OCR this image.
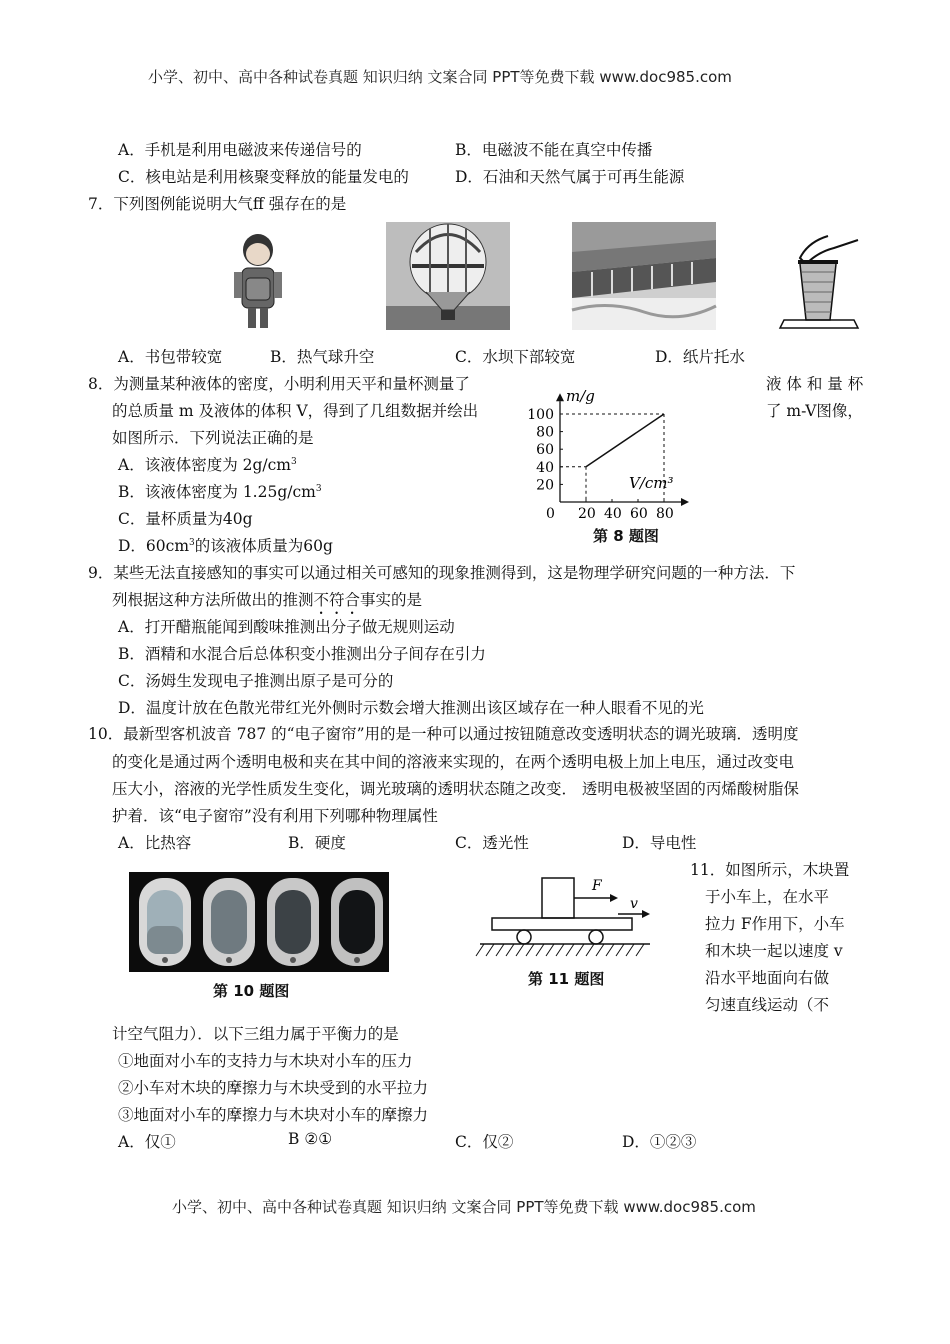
小学、初中、高中各种试卷真题 知识归纳 文案合同 PPT等免费下载 www.doc985.com
A．手机是利用电磁波来传递信号的	B．电磁波不能在真空中传播
C．核电站是利用核聚变释放的能量发电的	D．石油和天然气属于可再生能源
7．下列图例能说明大气ff 强存在的是
A．书包带较宽	B．热气球升空	C．水坝下部较宽	D．纸片托水
8．为测量某种液体的密度，小明利用天平和量杯测量了	液 体 和 量 杯
的总质量 m 及液体的体积 V，得到了几组数据并绘出	了 m-V图像，
如图所示．下列说法正确的是
A．该液体密度为 $2g/cm^3$
B．该液体密度为 $1.25g/cm^3$
C．量杯质量为40g
D．$60cm^3$的该液体质量为60g
0 20 40 60 80
20
40
60
80
100
V/cm³
m/g
第 8 题图
9．某些无法直接感知的事实可以通过相关可感知的现象推测得到，这是物理学研究问题的一种方法．下
列根据这种方法所做出的推测不符合事实的是
A．打开醋瓶能闻到酸味推测出分子做无规则运动
B．酒精和水混合后总体积变小推测出分子间存在引力
C．汤姆生发现电子推测出原子是可分的
D．温度计放在色散光带红光外侧时示数会增大推测出该区域存在一种人眼看不见的光
10．最新型客机波音 787 的“电子窗帘”用的是一种可以通过按钮随意改变透明状态的调光玻璃．透明度
的变化是通过两个透明电极和夹在其中间的溶液来实现的，在两个透明电极上加上电压，通过改变电
压大小，溶液的光学性质发生变化，调光玻璃的透明状态随之改变． 透明电极被坚固的丙烯酸树脂保
护着．该“电子窗帘”没有利用下列哪种物理属性
A．比热容	B．硬度	C．透光性	D．导电性
第 10 题图
F
v
第 11 题图
11．如图所示，木块置
于小车上，在水平
拉力 F作用下，小车
和木块一起以速度 v
沿水平地面向右做
匀速直线运动（不
计空气阻力）．以下三组力属于平衡力的是
①地面对小车的支持力与木块对小车的压力
②小车对木块的摩擦力与木块受到的水平拉力
③地面对小车的摩擦力与木块对小车的摩擦力
A．仅①	B ②①	C．仅②	D．①②③
小学、初中、高中各种试卷真题 知识归纳 文案合同 PPT等免费下载 www.doc985.com
